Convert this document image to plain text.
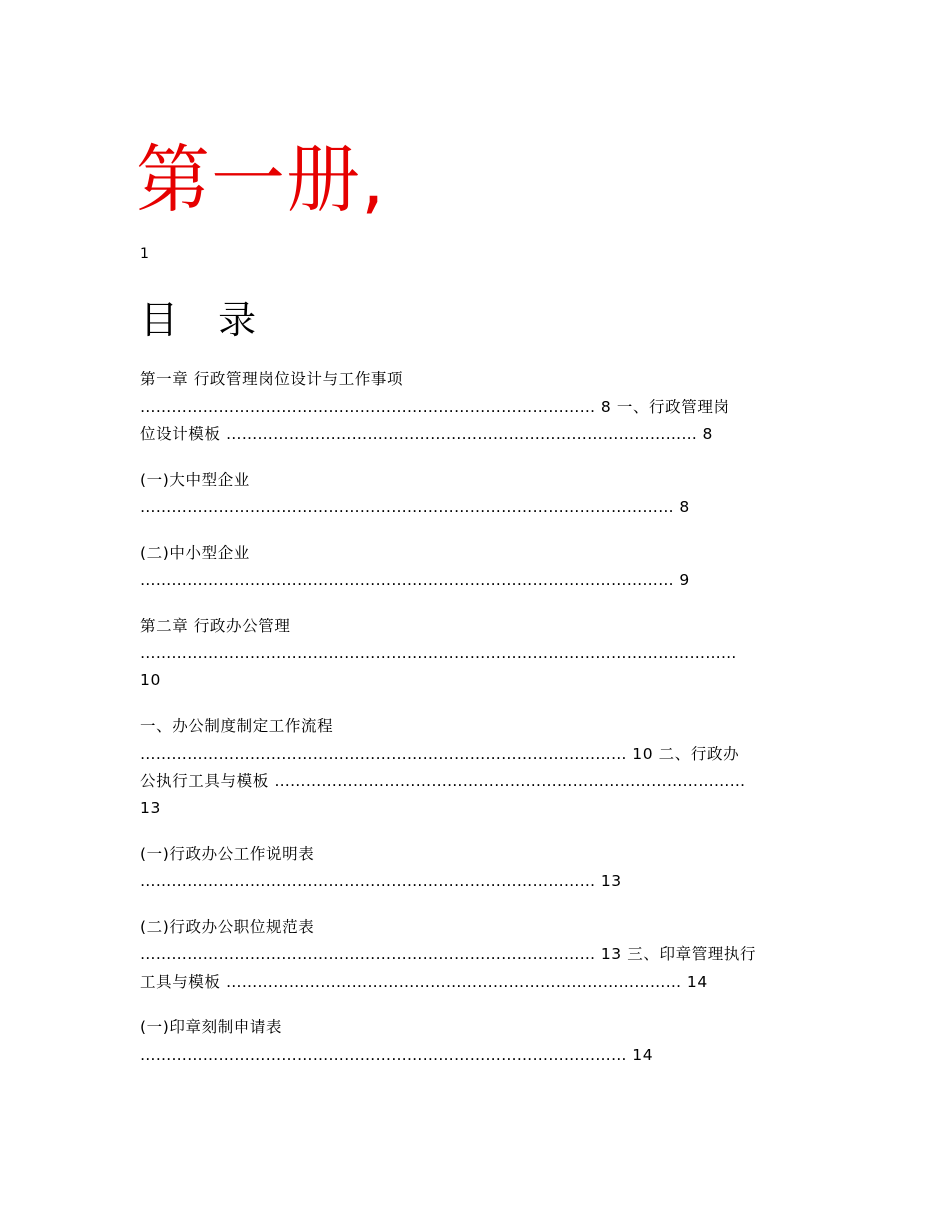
第一册,
1
目 录
第一章 行政管理岗位设计与工作事项
…………………………………………………………………………… 8 一、行政管理岗
位设计模板 ……………………………………………………………………………… 8
(一)大中型企业
………………………………………………………………………………………… 8
(二)中小型企业
………………………………………………………………………………………… 9
第二章 行政办公管理
……………………………………………………………………………………………………
10
一、办公制度制定工作流程
………………………………………………………………………………… 10 二、行政办
公执行工具与模板 ………………………………………………………………………………
13
(一)行政办公工作说明表
…………………………………………………………………………… 13
(二)行政办公职位规范表
…………………………………………………………………………… 13 三、印章管理执行
工具与模板 …………………………………………………………………………… 14
(一)印章刻制申请表
………………………………………………………………………………… 14
